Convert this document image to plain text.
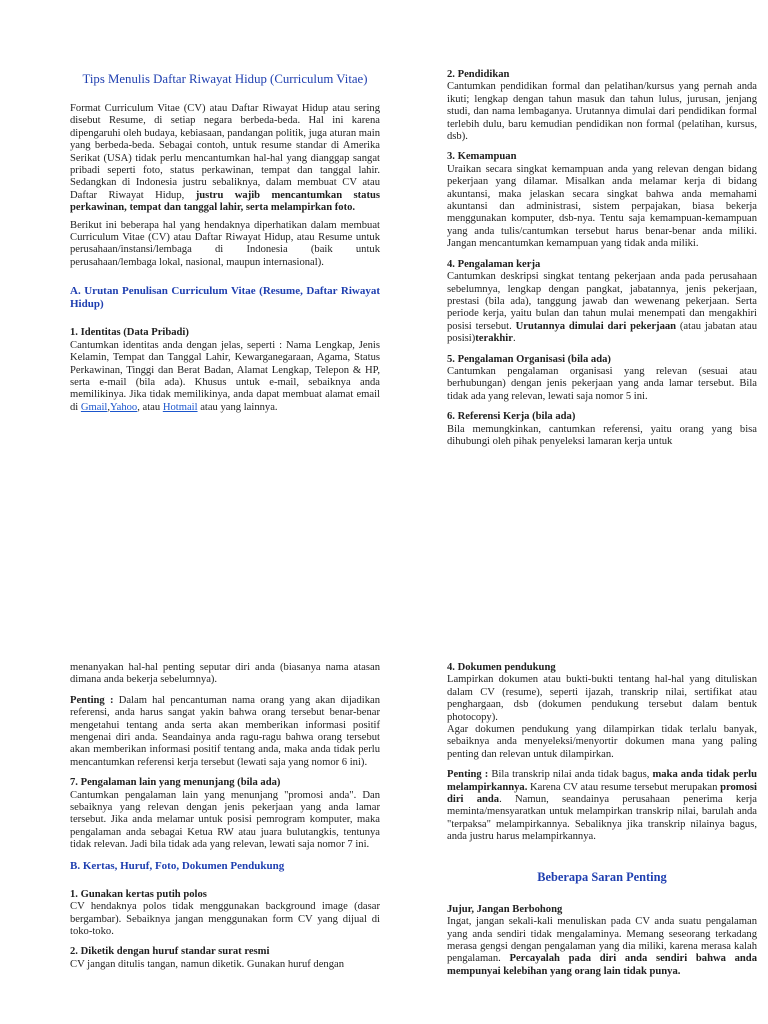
Tips Menulis Daftar Riwayat Hidup (Curriculum Vitae)

Format Curriculum Vitae (CV) atau Daftar Riwayat Hidup atau sering disebut Resume, di setiap negara berbeda-beda. Hal ini karena dipengaruhi oleh budaya, kebiasaan, pandangan politik, juga aturan main yang berbeda-beda. Sebagai contoh, untuk resume standar di Amerika Serikat (USA) tidak perlu mencantumkan hal-hal yang dianggap sangat pribadi seperti foto, status perkawinan, tempat dan tanggal lahir. Sedangkan di Indonesia justru sebaliknya, dalam membuat CV atau Daftar Riwayat Hidup, justru wajib mencantumkan status perkawinan, tempat dan tanggal lahir, serta melampirkan foto.

Berikut ini beberapa hal yang hendaknya diperhatikan dalam membuat Curriculum Vitae (CV) atau Daftar Riwayat Hidup, atau Resume untuk perusahaan/instansi/lembaga di Indonesia (baik untuk perusahaan/lembaga lokal, nasional, maupun internasional).

A. Urutan Penulisan Curriculum Vitae (Resume, Daftar Riwayat Hidup)

1. Identitas (Data Pribadi)

Cantumkan identitas anda dengan jelas, seperti : Nama Lengkap, Jenis Kelamin, Tempat dan Tanggal Lahir, Kewarganegaraan, Agama, Status Perkawinan, Tinggi dan Berat Badan, Alamat Lengkap, Telepon & HP, serta e-mail (bila ada). Khusus untuk e-mail, sebaiknya anda memilikinya. Jika tidak memilikinya, anda dapat membuat alamat email di Gmail,Yahoo, atau Hotmail atau yang lainnya.

2. Pendidikan

Cantumkan pendidikan formal dan pelatihan/kursus yang pernah anda ikuti; lengkap dengan tahun masuk dan tahun lulus, jurusan, jenjang studi, dan nama lembaganya. Urutannya dimulai dari pendidikan formal terlebih dulu, baru kemudian pendidikan non formal (pelatihan, kursus, dsb).

3. Kemampuan

Uraikan secara singkat kemampuan anda yang relevan dengan bidang pekerjaan yang dilamar. Misalkan anda melamar kerja di bidang akuntansi, maka jelaskan secara singkat bahwa anda memahami akuntansi dan administrasi, sistem perpajakan, biasa bekerja menggunakan komputer, dsb-nya. Tentu saja kemampuan-kemampuan yang anda tulis/cantumkan tersebut harus benar-benar anda miliki. Jangan mencantumkan kemampuan yang tidak anda miliki.

4. Pengalaman kerja

Cantumkan deskripsi singkat tentang pekerjaan anda pada perusahaan sebelumnya, lengkap dengan pangkat, jabatannya, jenis pekerjaan, prestasi (bila ada), tanggung jawab dan wewenang pekerjaan. Serta periode kerja, yaitu bulan dan tahun mulai menempati dan mengakhiri posisi tersebut. Urutannya dimulai dari pekerjaan (atau jabatan atau posisi)terakhir.

5. Pengalaman Organisasi (bila ada)

Cantumkan pengalaman organisasi yang relevan (sesuai atau berhubungan) dengan jenis pekerjaan yang anda lamar tersebut. Bila tidak ada yang relevan, lewati saja nomor 5 ini.

6. Referensi Kerja (bila ada)

Bila memungkinkan, cantumkan referensi, yaitu orang yang bisa dihubungi oleh pihak penyeleksi lamaran kerja untuk

menanyakan hal-hal penting seputar diri anda (biasanya nama atasan dimana anda bekerja sebelumnya).

Penting : Dalam hal pencantuman nama orang yang akan dijadikan referensi, anda harus sangat yakin bahwa orang tersebut benar-benar mengetahui tentang anda serta akan memberikan informasi positif mengenai diri anda. Seandainya anda ragu-ragu bahwa orang tersebut akan memberikan informasi positif tentang anda, maka anda tidak perlu mencantumkan referensi kerja tersebut (lewati saja yang nomor 6 ini).

7. Pengalaman lain yang menunjang (bila ada)

Cantumkan pengalaman lain yang menunjang "promosi anda". Dan sebaiknya yang relevan dengan jenis pekerjaan yang anda lamar tersebut. Jika anda melamar untuk posisi pemrogram komputer, maka pengalaman anda sebagai Ketua RW atau juara bulutangkis, tentunya tidak relevan. Jadi bila tidak ada yang relevan, lewati saja nomor 7 ini.

B. Kertas, Huruf, Foto, Dokumen Pendukung

1. Gunakan kertas putih polos

CV hendaknya polos tidak menggunakan background image (dasar bergambar). Sebaiknya jangan menggunakan form CV yang dijual di toko-toko.

2. Diketik dengan huruf standar surat resmi

CV jangan ditulis tangan, namun diketik. Gunakan huruf dengan

4. Dokumen pendukung

Lampirkan dokumen atau bukti-bukti tentang hal-hal yang dituliskan dalam CV (resume), seperti ijazah, transkrip nilai, sertifikat atau penghargaan, dsb (dokumen pendukung tersebut dalam bentuk photocopy).

Agar dokumen pendukung yang dilampirkan tidak terlalu banyak, sebaiknya anda menyeleksi/menyortir dokumen mana yang paling penting dan relevan untuk dilampirkan.

Penting : Bila transkrip nilai anda tidak bagus, maka anda tidak perlu melampirkannya. Karena CV atau resume tersebut merupakan promosi diri anda. Namun, seandainya perusahaan penerima kerja meminta/mensyaratkan untuk melampirkan transkrip nilai, barulah anda "terpaksa" melampirkannya. Sebaliknya jika transkrip nilainya bagus, anda justru harus melampirkannya.

Beberapa Saran Penting

Jujur, Jangan Berbohong

Ingat, jangan sekali-kali menuliskan pada CV anda suatu pengalaman yang anda sendiri tidak mengalaminya. Memang seseorang terkadang merasa gengsi dengan pengalaman yang dia miliki, karena merasa kalah pengalaman. Percayalah pada diri anda sendiri bahwa anda mempunyai kelebihan yang orang lain tidak punya.
